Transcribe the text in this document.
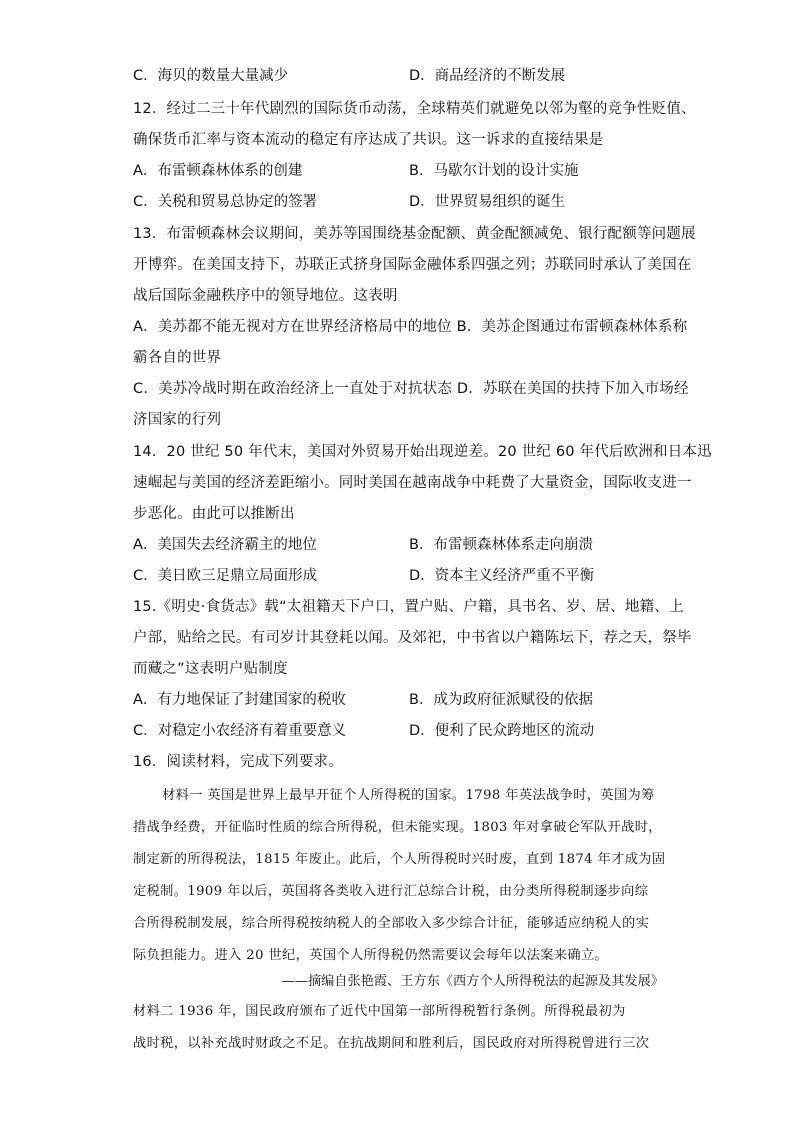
C．海贝的数量大量减少	D．商品经济的不断发展
12．经过二三十年代剧烈的国际货币动荡，全球精英们就避免以邻为壑的竞争性贬值、
确保货币汇率与资本流动的稳定有序达成了共识。这一诉求的直接结果是
A．布雷顿森林体系的创建	B．马歇尔计划的设计实施
C．关税和贸易总协定的签署	D．世界贸易组织的诞生
13．布雷顿森林会议期间，美苏等国围绕基金配额、黄金配额减免、银行配额等问题展
开博弈。在美国支持下，苏联正式挤身国际金融体系四强之列；苏联同时承认了美国在
战后国际金融秩序中的领导地位。这表明
A．美苏都不能无视对方在世界经济格局中的地位 B．美苏企图通过布雷顿森林体系称
霸各自的世界
C．美苏冷战时期在政治经济上一直处于对抗状态 D．苏联在美国的扶持下加入市场经
济国家的行列
14．20 世纪 50 年代末，美国对外贸易开始出现逆差。20 世纪 60 年代后欧洲和日本迅
速崛起与美国的经济差距缩小。同时美国在越南战争中耗费了大量资金，国际收支进一
步恶化。由此可以推断出
A．美国失去经济霸主的地位	B．布雷顿森林体系走向崩溃
C．美日欧三足鼎立局面形成	D．资本主义经济严重不平衡
15.《明史·食货志》载“太祖籍天下户口，置户贴、户籍，具书名、岁、居、地籍、上
户部，贴给之民。有司岁计其登耗以闻。及郊祀，中书省以户籍陈坛下，荐之天，祭毕
而藏之”这表明户贴制度
A．有力地保证了封建国家的税收	B．成为政府征派赋役的依据
C．对稳定小农经济有着重要意义	D．便利了民众跨地区的流动
16．阅读材料，完成下列要求。
材料一 英国是世界上最早开征个人所得税的国家。1798 年英法战争时，英国为筹
措战争经费，开征临时性质的综合所得税，但未能实现。1803 年对拿破仑军队开战时，
制定新的所得税法，1815 年废止。此后，个人所得税时兴时废，直到 1874 年才成为固
定税制。1909 年以后，英国将各类收入进行汇总综合计税，由分类所得税制逐步向综
合所得税制发展，综合所得税按纳税人的全部收入多少综合计征，能够适应纳税人的实
际负担能力。进入 20 世纪，英国个人所得税仍然需要议会每年以法案来确立。
——摘编自张艳霞、王方东《西方个人所得税法的起源及其发展》
材料二 1936 年，国民政府颁布了近代中国第一部所得税暂行条例。所得税最初为
战时税，以补充战时财政之不足。在抗战期间和胜利后，国民政府对所得税曾进行三次
